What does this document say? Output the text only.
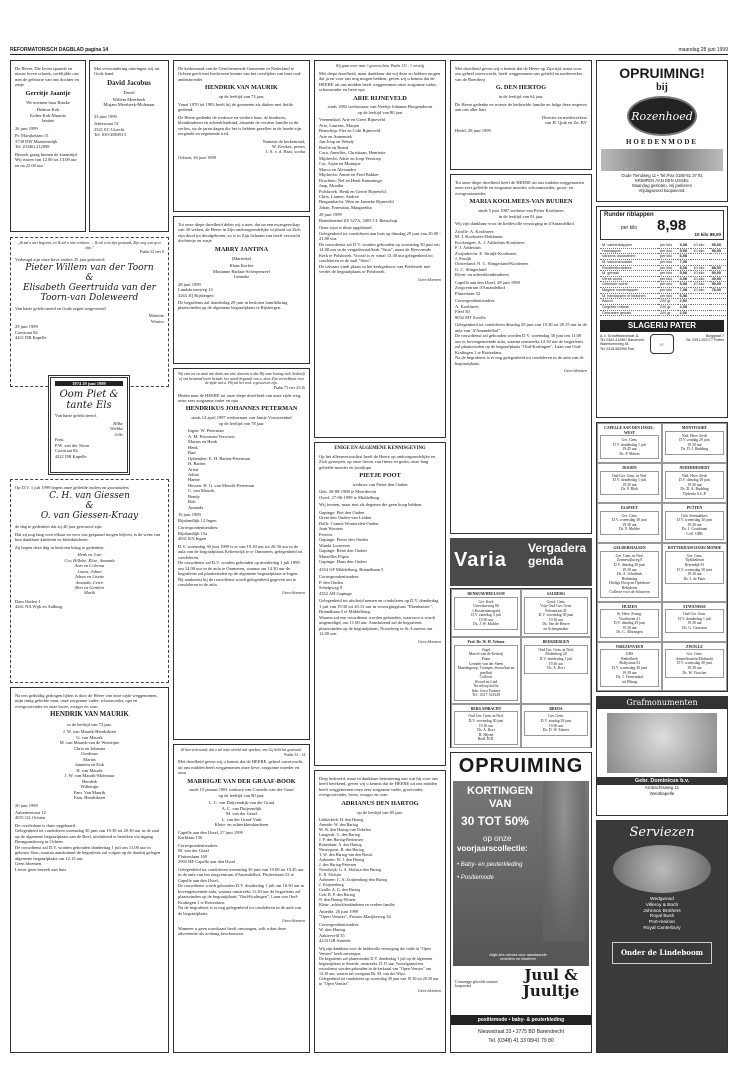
REFORMATORISCH DAGBLAD pagina 14	maandag 28 juni 1999
De Heere, Die leven spaarde en nieuw leven schonk, verblijdde ons met de geboorte van ons dochter en zusje
Gerritje Jaantje
We noemen haar Rinske
Helmus Kok
Esther Kok-Mauritz
Jantine
26 juni 1999
Pr. Marijkelaan 15
3738 DW Maartensdijk
Tel. (0346) 212098
Bezoek graag binnen de kraamtijd. Wij rusten van 12.00 tot 13.00 uur en na 22.00 uur.
Met verwondering ontvingen wij uit Gods hand
David Jacobus
David
Willem Meerbeek
Mirjam Meerbeek-Molenaar
23 juni 1999
Jekerstraat 51
3521 EC Utrecht
Tel. 030-2883913
„Ik zal u niet begeven, en Ik zal u niet verlaten. ... Ik zal u tot zijn gewaard, Zijn weg wat op te zijn.”
Psalm 22 vers 8
Verheugd zijn onze lieve ouders 25 jaar getrouwd:
Pieter Willem van der Toorn
&
Elisabeth Geertruida van der Toorn-van Doleweerd
Van harte gefeliciteerd en Gods zegen toegewenst!
Mariette
Wouter
29 juni 1999
Coestraat 84
4421 DB Kapelle
1974 29 juni 1999
Oom Piet & tante Els
Van harte gefeliciteerd.
Hilke
Wiebke
Jelle
Fam.
P.W. van der Toorn
Coestraat 84
4421 DB Kapelle
Op D.V. 1 juli 1999 hopen onze geliefde ouders en grootouders
C. H. van Giessen
&
O. van Giessen-Kraay
de dag te gedenken dat zij 40 jaar getrouwd zijn.
Dat zij nog lang voor elkaar en voor ons gespaard mogen blijven, is de wens van hun dankbare kinderen en kleinkinderen.
Zij hopen deze dag in besloten kring te gedenken.
Henk en Jose
Cor, Hilleke, Elise, Amanda
Aart en Cobrina
Loura, Johan
Johan en Lisette
Amanda, Cerce
Bert en Gerdien
Marik
Dam Oudert 1
4261 NA Wijk en Aalburg
Na een geduldig gedragen lijden is door de Heere van onze zijde weggenomen, mijn innig geliefde man, onze zorgzame vader, schoonvader, opa en overgrootvader en onze broer, zwager en oom
HENDRIK VAN MAURIK
in de leeftijd van 73 jaar.
J. W. van Maurik-Hendriksen
G. van Maurik
M. van Maurik-van de Woestijne
Chris en Johanna
Gerdinus
Marius
Jannetta en Erik
H. van Maurik
J. W. van Maurik-Molenaar
Hendrik
Willemijn
Fam. Van Maurik
Fam. Hendriksen
20 juni 1999
Aaltenerstraat 12
4051 GL Ochten
De overledene is thuis opgebaard.
Gelegenheid tot condoleren woensdag 30 juni van 19.30 tot 20.30 uur in de zaal op de algemene begraafplaats aan de Boel, uitsluitend te bereiken via ingang Bosngrandsweg in Ochten.
De rouwdienst zal D.V. worden gehouden donderdag 1 juli om 11.00 uur in gebouw Sion, waarna aansluitend de begrafenis zal volgen op de daarbij gelegen algemene begraafplaats om 12.15 uur.
Geen bloemen
Liever geen bezoek aan huis
De kerkenraad van de Gereformeerde Gemeente in Nederland te Ochten geeft met leedwezen kennis van het overlijden van haar oud-ambtsbroeder
HENDRIK VAN MAURIK
op de leeftijd van 73 jaar.
Vanaf 1970 tot 1983 heeft hij de gemeente als diaken met liefde gediend.
De Heere gedenke de weduwe en verdere haar, de kinderen, kleinkinderen en achterkleinkind, alsmede de verdere familie in dit verlies, na de jaren dagen die het is hebben gezellen in de hoede zijn zorgende en zegenende tred.
Namens de kerkenraad,
W. Keukes, preses
J. A. v. d. Haar, scriba
Ochten, 26 juni 1999
Tot onze diepe droefheid delen wij u mee, dat na een zwangerschap van 30 weken, de Heere in Zijn ondoorgrondelijke wijsheid tot Zich zijn dood tot doodgeboren, zo is in Zijn lichaam van heeft verwacht dochtertje en zusje
MARRY JANTINA
(Marrieke)
Klaas Korber
Marianne Barlaar-Scherpenzeel
Lenneke
28 juni 1999
Landskroonweg 13
3263 JQ Rijsbergen
De begrafenis zal donderdag 29 juni in besloten familiekring plaatsvinden op de algemene begraafplaats te Rijsbergen.
Wij zien tot en vaak met dank ons niet, daarom is dat Hij onze koning zich, bedroeft of ons bewaard leven beinde, het wordt begraaft van u, door Zijn verwelkomt voor de zijde van u. Hij zal het voor u gestorven zijn.
Psalm 73 vers 23-26
Heden nam de HEERE tot onze diepe droefheid van onze zijde weg, onze zeer zorgzame vader en opa
HENDRIKUS JOHANNES PETERMAN
sinds 14 april 1987 weduwnaar van Jantje Voorsteenbul
op de leeftijd van 78 jaar.
Ingen: W. Peterman
A. M. Peterman-Verwoert
Marius en Henk
Henk
Bart
Ophenden: E. H. Barten-Peterman
H. Barten
Arien
Jolina
Hanne
Hessen: H. G. van Mourik-Peterman
C. van Mourik
Bendy
Rob
Amanda
16 juni 1999
Rijnlandlijk 12 Ingen
Correspondentieadres:
Rijnlandlijk 15a
4031 KN Ingen
D.V. woensdag 30 juni 1999 is er van 19.30 uur tot 20.30 uur in de aula van de begraafplaats Keltenwijk te te Ommeren, gelegenheid tot condoleren.
De rouwdienst zal D.V. worden gehouden op donderdag 1 juli 1999 om 14.00 uur in de aula te Ommeren, waarna om 14.30 uur de begrafenis zal plaatsvinden op de algemene begraafplaats te Ingen.
Bij aankomst bij de rouwdienst wordt gelegenheid gegeven om te condoleren in de aula.
Geen bloemen
Ik ben vertrouwd; dat o zal mijn wereld met spreken; ons Gij hebt het gesteund.
Psalm 31 : 14
Met droefheid geven wij u kennis dat de HEERE, geheel onverwacht, uit ons midden heeft weggenomen onze lieve, zorgzame moeder en oma
MARRIGJE VAN DER GRAAF-BOOK
sinds 15 januari 1981 weduwe van Cornelis van der Graaf
op de leeftijd van 80 jaar.
L. C. van Duijvendijk-van der Graaf
A. C. van Duijvendijk
M. van der Graaf
L. van der Graaf-Vuik
Klein- en achterkleinkinderen
Capelle aan den IJssel, 27 juni 1999
Kerklaan 136
Correspondentieadres:
M. van der Graaf
Fluiterslaan 169
2903 HE Capelle aan den IJssel
Gelegenheid tot condoleren woensdag 30 juni van 19.00 tot 19.45 uur in de aula van het zorgcentrum d'Amandelhof, Fluiterslaan 52 te Capelle aan den IJssel.
De rouwdienst wordt gehouden D.V. donderdag 1 juli om 10.30 uur in bovengenoemde aula, waarna omstreeks 11.30 uur de begrafenis zal plaatsvinden op de begraafplaats "Oud-Kralingen", Laan van Oud-Kralingen 1 te Rotterdam.
Na de begrafenis is er nog gelegenheid tot condoleren in de aula van de begraafplaats.
Geen bloemen
Wanneer u geen rouwkaart heeft ontvangen, wilt u dan deze advertentie als zodanig beschouwen.
Wij gaan weer naar 't geweest hem. Psalm 131 : 1 vervolg
Met diepe droefheid, maar dankbaar dat wij deze zo hebben mogen dat ja en voor ons nog mogen hebben, geven wij u kennis dat de HEERE uit ons midden heeft weggenomen onze zorgzame vader, schoonvader en lieve opa
ARIE RIJNEVELD
sinds 1982 weduwnaar van Neeltje Johanna Hoogendoorn
op de leeftijd van 80 jaar
Veenendaal: Arie en Greet Rijneveld
Arie, Laurens, Marjan
Benschop: Piet en Cobi Rijneveld
Arie en Annemiek
Jan-Joop en Wendy
Roelie en Ruard
Cora, Annelies, Christiaan, Henriette
Mijdrecht: Adrie en Joop Verstoep
Cor, Arjan en Monique
Marco en Alexandra
Mijdrecht: Annie en Fred Bakker
Drachten: Nel en Henk Kamminga
Jaap, Monika
Polsbroek: Henk en Gerrie Rijneveld
Chris, Lianne, Andrea
Bergambacht: Wim en Janneke Rijneveld
Johan, Ernestina, Margaretha
28 juni 1999
Benedeneind ZZ 327A, 3405 CL Benschop
Onze (opa is thuis opgebaard.
Gelegenheid tot condoleren aan huis op dinsdag 29 juni van 20.00 - 21.00 uur.
De rouwdienst zal D.V. worden gehouden op woensdag 30 juni om 14.00 uur in de vergaderzaal/kerk "Sion", naast de Hervormde Kerk te Polsbroek. Vooraf is er vanaf 13.30 uur gelegenheid tot condoleren in de zaal "Sion".
De uitvaart vindt plaats in het kerkgebouw van Polsbroek met verder de begraafplaats te Polsbroek.
Geen bloemen
ENIGE EN ALGEMENE KENNISGEVING
Op het alleenverwachtst heeft de Heere op ondoorgrondelijke en Zich geroepen, op onze lieven van finers en gezin, onze lang geliefde moeder en (oud)opa
PIETJE POOT
weduwe van Pieter den Ouden
Geb. 30-08-1908 te Meerdrecht
Overl. 27-06-1999 te Middelburg
Wij treuren, maar niet als degenen die geen hoop hebben.
Gapinge: Piet den Ouden
Greta den Ouden-van Leiden
Delft: Connie Wouterslen-Ouden
Joan Wouters
Ferrera
Gapinge: Pieter den Ouden
Wanda Louwerse
Gapinge: René den Ouden
Marzelles Flipse
Gapinge: Hans den Ouden
4354 GP Middelburg, Briandbaan 5
Correspondentieadres:
P. den Ouden
Schelpweg 9
4352 AH Gapinge
Gelegenheid tot afscheid nemen en condoleren op D.V. donderdag 1 juli van 19.30 tot 20.15 uur in verzorgingshuis "Ebenhaezer", Briandbaan 5 te Middelburg.
Waarna zal een rouwdienst worden gehouden, waarvoor u wordt uitgenodigd, om 11.00 uur. Aansluitend zal de begrafenis plaatsvinden op de begraafplaats, Noordweg te St.-Laurens om 12.00 uur.
Geen bloemen
Diep bedroefd, maar in dankbare herinnering aan wat hij voor ons heeft betekend, geven wij u kennis dat de HEERE uit ons midden heeft weggenomen onze zeer zorgzame vader, grootvader, overgrootvader, broer, zwager en oom
ADRIANUS DEN HARTOG
op de leeftijd van 85 jaar.
Lekkerkerk: H. den Hartog
Ameide: W. den Hartog
M. W. den Hartog-van Nobelen
Langerak: G. den Hartog
J. P. den Hartog-Bertouwer
Rotterdam: A. den Hartog
Nieuwpoort: B. den Hartog
T. W. den Hartog-van den Bosch
Aalsmeer: W. J. den Hartog
J. den Hartog-Petersen
Noordwijk: G. A. Slofstra-den Hartog
E. R. Slofstra
Aalsmeer: C. A. Zwijnenburg-den Hartog
J. Zwijnenburg
Geulle: A. G. den Hartog
Uzk: B. P. den Hartog
N. den Hartog-Witteer
Klein-, achterkleinkinderen en verdere familie
Ameide, 26 juni 1999
"Open Venster", Prinses Marijkeweg 34
Correspondentieadres:
W. den Hartog
Aakterveld 35
4233 GB Ameide
Wij zijn dankbaar voor de liefdevolle verzorging die vader in "Open Venster" heeft ontvangen.
De begrafenis zal plaatsvinden D.V. donderdag 1 juli op de algemene begraafplaats te Ameide, omstreeks 15.15 uur. Voorafgaand een rouwdienst worden gehouden in de kerkzaal van "Open Venster" om 14.30 uur, waarin zal voorgaan Ds. M. van der Wijst.
Gelegenheid tot condoleren op woensdag 30 juni van 19.30 tot 20.30 uur in "Open Venster".
Geen bloemen
Met droefheid geven wij u kennis dat de Heere op Zijn tijd, maar voor ons geheel onverwacht, heeft weggenomen ons geliefd en medewerker van de Boerderij
G. DEN HERTOG
in de leeftijd van 64 jaar.
De Heere gedenke en troeste de bedroefde familie en helge deze respeten aan ons aller hart.
Directie en medewerkers
van H. Quik en Zn. BV
Hedel, 28 juni 1999
Tot onze diepe droefheid heeft de HEERE uit ons midden weggenomen onze zeer geliefde en zorgzame moeder, schoonmoeder, groot- en overgrootmoeder
MARIA KOOLMEES-VAN BUUREN
sinds 5 juni 1987 weduwe van Pieter Koolmees
in de leeftijd van 91 jaar.
Wij zijn dankbaar voor de liefdevolle verzorging in d'Amandelhof.
Zwolle: A. Koolmees
M. J. Koolmees-Dekkman
Kockengen: A. J. Addesluis-Koolmees
P. J. Addesluis
Zwijndrecht: E. Struijk-Koolmees
J. Struijk
Oosterland: N. C. Slingerland-Koolmees
G. C. Slingerland
Klein- en achterkleinkinderen
Capelle aan den IJssel, 28 juni 1999
Zorgcentrum d'Amandelhof
Fluiterlaan 52
Correspondentieadres:
A. Koolmees
Fleel 30
8032 MT Zwolle
Gelegenheid tot condoleren dinsdag 29 juni van 19.30 tot 20.15 uur in de aula van "d'Amandelhof".
De rouwdienst zal gehouden worden D.V. woensdag 30 juni om 11.00 uur in bovengenoemde aula, waarna omstreeks 12.30 uur de begrafenis zal plaatsvinden op de begraafplaats "Oud-Kralingen", Laan van Oud-Kralingen 1 te Rotterdam.
Na de begrafenis is er nog gelegenheid tot condoleren in de aula van de begraafplaats.
Geen bloemen
Varia
Vergaderagenda
RENKUM/HEELSUM
Ger. Kerk
Utrechtseweg 80
't Kostermansgoed
D.V. zaterdag 3 juli
19.30 uur
Ds. J. W. Mulder
SALBERG
Geref. Gem.
Vrije Oud Ger. Gem.
Polenstraat 41
D.V. woensdag 30 juni
19.30 uur
Ds. Van de Heuve
en Scheepmaker
Prof. Dr. W. H. Velema
Orgel
Marcel van de Ketterij
Piano
Leander van der Steen
Muziekgroep, Trompet, dwarsfluit en panfluit
Collecte
Woord en Lied
Na afloop koffie
Info: Joost Fransse
Tel.: 0317-313349
BEEKBERGEN
Oud Ger. Gem. in Ned.
Molenberg 20
D.V. donderdag 1 juli
19.30 uur
Ds. A. Kort
BERGAMBACHT
Oud Ger. Gem. in Ned.
D.V. woensdag 30 juni
19.30 uur
Ds. A. Kort
H. Hijsen
Redl. H.D.
BREDA
Ger. Gem.
D.V. zondag 29 juni
19.30 uur
Ds. D. W. Taimer
OPRUIMING
KORTINGEN
VAN
30 TOT 50%
op onze
voorjaarscollectie:
• Baby- en peuterkleding
• Positiemode
Altijd iets nieuws voor aanstaande moeders en kinderen
U aanzegge geloofde ontmoet koopavond
Juul &
Juultje
positiemode • baby- & peuterkleding
Nieuwstraat 33 • 2775 BD Barendrecht
Tel. (0348) 41 33 08/41 79 80
OPRUIMING!
bij
Rozenhoed
HOEDENMODE
Oude Tiendweg 11 • Tel./Fax 0180-51 37 91
KRIMPEN AAN DEN IJSSEL
Maandag gesloten, vrij parkeren
Vrijdagavond koopavond.
Runder riblappen
per kilo 8,98
10 kilo 88,00
M. varkenslappen	per kilo	5,98	10 kilo	59,00
Hamlappen	per kilo	5,98	10 kilo	59,00
Varkens dooisdelen	per kilo	6,98		
M. varkensrollade	per kilo	7,98		
Runderstoofvlees	per kilo	8,98	10 kilo	88,00
M. gehakt	per kilo	5,98	10 kilo	59,00
Verse worst	per kilo	4,98	10 kilo	49,00
Gekruide worst	per kilo	5,98	10 kilo	59,00
Magere runderlappen	per kilo	7,98	10 kilo	78,00
M. hamlappen of lindonen	per kilo	6,98		
Bacon	200 gr.	2,50		
Gegrilde rollade	200 gr.	2,98		
Gebraden gehakt	200 gr.	2,50		
SLAGERIJ PATER
A. v. Schaffelaarstraat 11
Tel. 0342-412567 Barneveld
Watertorenweg 45
Tel. 0318-562950 Ede
🐖
Burggraaf 7
Tel. 0391-202177 Putten
CAPELLE AAN DEN IJSSEL-WEST
Ger. Gem.
D.V. donderdag 1 juli
19.45 uur
Ds. P. Mieras
MONTFOORT
Ned. Herv. Kerk
D.V. zondag 29 juni
19.30 uur
Ds. D. J. Budding
DOORN
Oud Ger. Gem. in Ned.
D.V. donderdag 1 juli
19.30 uur
Ds. P. Blok
NEDERHEMERT
Ned. Herv. Kerk
D.V. dinsdag 29 juni
19.30 uur
Ds. D. A. Budding
Tijdeeda S.G.P.
ELSPEET
Ger. Gem.
D.V. woensdag 30 juni
19.30 uur
Ds. P. Mulder
PUTTEN
Geb. Steenakkers
D.V. woensdag 30 juni
19.30 uur
Ds. J. Goudriaan
Coll. GBB
GELDERMALSEN
Ger. Gem. in Ned.
Zonnewijkweg 8
D.V. dinsdag 29 juni
19.30 uur
Ds. A. Schultink
Bediening
Heilige Doop en Openbare Belijdenis
Collecte voor de Schuiven
ROTTERDAM-IJSSELMONDE
Ger. Gem.
Tijdsbekeurt
Rejendijk 81
D.V. woensdag 30 juni
19.30 uur
Ds. J. de Pater
HUIZEN
St. Herv. Evang.
Voorhaven 41
D.V. dinsdag 29 juni
19.30 uur
Ds. C. Albrangen
STAVENISSE
Oud Ger. Gem.
D.V. donderdag 1 juli
19.30 uur
Ds. G. Geurtsen
VRIEZENVEEN
GBS
Bethelkerk
Abdijstraat 81
D.V. woensdag 30 juni
19.30 uur
Ds. J. Veenendaal
uit Elburg
ZWOLLE
Ger. Gem.
Amstelfontein Midnacht
D.V. woensdag 30 juni
19.30 uur
Ds. W. Visscher
Grafmonumenten
Gebr. Dominicus b.v.
Ambachtsweg 11
Westkapelle
Serviezen
Wedgwood
Villeroy & Boch
Johnson Brothers
Royal Bush
Port-meirion
Royal Canterbury
Onder de Lindeboom
